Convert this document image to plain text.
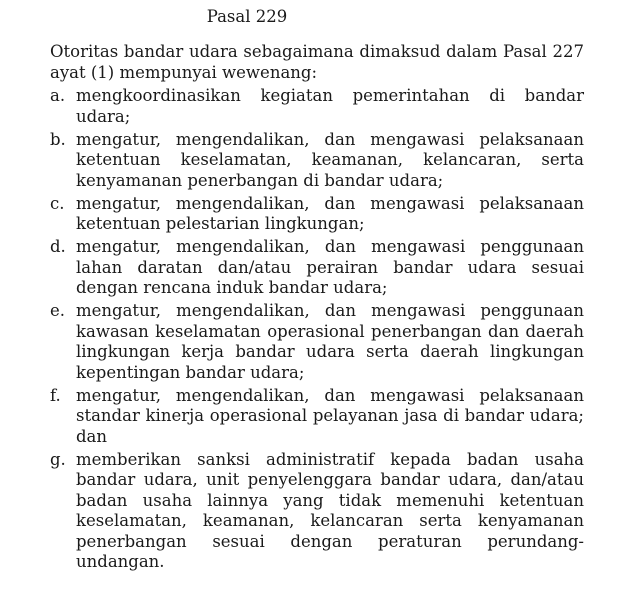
Pasal 229
Otoritas bandar udara sebagaimana dimaksud dalam Pasal 227 ayat (1) mempunyai wewenang:
a. mengkoordinasikan kegiatan pemerintahan di bandar udara;
b. mengatur, mengendalikan, dan mengawasi pelaksanaan ketentuan keselamatan, keamanan, kelancaran, serta kenyamanan penerbangan di bandar udara;
c. mengatur, mengendalikan, dan mengawasi pelaksanaan ketentuan pelestarian lingkungan;
d. mengatur, mengendalikan, dan mengawasi penggunaan lahan daratan dan/atau perairan bandar udara sesuai dengan rencana induk bandar udara;
e. mengatur, mengendalikan, dan mengawasi penggunaan kawasan keselamatan operasional penerbangan dan daerah lingkungan kerja bandar udara serta daerah lingkungan kepentingan bandar udara;
f. mengatur, mengendalikan, dan mengawasi pelaksanaan standar kinerja operasional pelayanan jasa di bandar udara; dan
g. memberikan sanksi administratif kepada badan usaha bandar udara, unit penyelenggara bandar udara, dan/atau badan usaha lainnya yang tidak memenuhi ketentuan keselamatan, keamanan, kelancaran serta kenyamanan penerbangan sesuai dengan peraturan perundang-undangan.
